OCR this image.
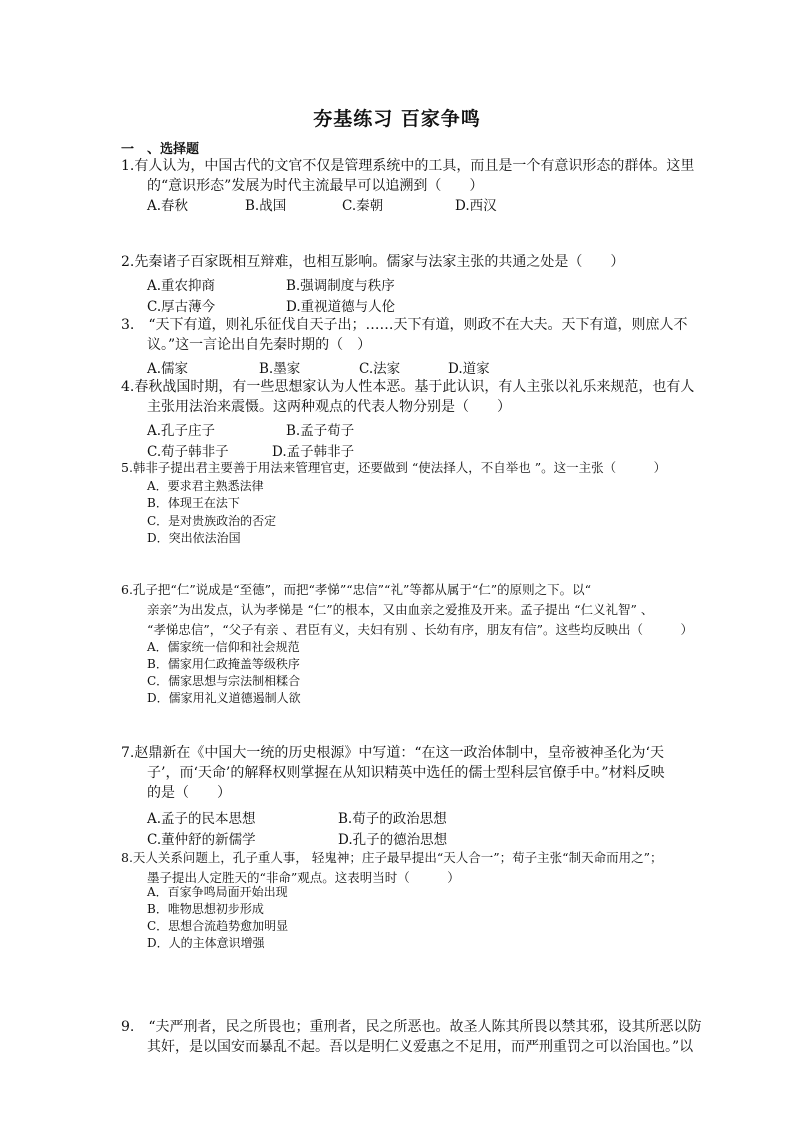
夯基练习 百家争鸣
一　、选择题
1.有人认为，中国古代的文官不仅是管理系统中的工具，而且是一个有意识形态的群体。这里
的“意识形态”发展为时代主流最早可以追溯到（　　）
A.春秋	B.战国	C.秦朝	D.西汉
2.先秦诸子百家既相互辩难，也相互影响。儒家与法家主张的共通之处是（　　）
A.重农抑商	B.强调制度与秩序
C.厚古薄今	D.重视道德与人伦
3.　“天下有道，则礼乐征伐自天子出；……天下有道，则政不在大夫。天下有道，则庶人不
议。”这一言论出自先秦时期的（　）
A.儒家	B.墨家	C.法家	D.道家
4.春秋战国时期，有一些思想家认为人性本恶。基于此认识，有人主张以礼乐来规范，也有人
主张用法治来震慑。这两种观点的代表人物分别是（　　）
A.孔子庄子	B.孟子荀子
C.荀子韩非子	D.孟子韩非子
5.韩非子提出君主要善于用法来管理官吏，还要做到 “使法择人，不自举也 ”。这一主张（　　　）
A．要求君主熟悉法律
B．体现王在法下
C．是对贵族政治的否定
D．突出依法治国
6.孔子把“仁”说成是“至德”，而把“孝悌”“忠信”“礼”等都从属于“仁”的原则之下。以“
亲亲”为出发点，认为孝悌是 “仁”的根本，又由血亲之爱推及开来。孟子提出 “仁义礼智” 、
“孝悌忠信”，“父子有亲 、君臣有义，夫妇有别 、长幼有序，朋友有信”。这些均反映出（　　　）
A．儒家统一信仰和社会规范
B．儒家用仁政掩盖等级秩序
C．儒家思想与宗法制相糅合
D．儒家用礼义道德遏制人欲
7.赵鼎新在《中国大一统的历史根源》中写道：“在这一政治体制中，皇帝被神圣化为‘天
子’，而‘天命’的解释权则掌握在从知识精英中选任的儒士型科层官僚手中。”材料反映
的是（　　）
A.孟子的民本思想	B.荀子的政治思想
C.董仲舒的新儒学	D.孔子的德治思想
8.天人关系问题上，孔子重人事， 轻鬼神；庄子最早提出“天人合一”；荀子主张“制天命而用之”；
墨子提出人定胜天的“非命”观点。这表明当时（　　　）
A．百家争鸣局面开始出现
B．唯物思想初步形成
C．思想合流趋势愈加明显
D．人的主体意识增强
9.　“夫严刑者，民之所畏也；重刑者，民之所恶也。故圣人陈其所畏以禁其邪，设其所恶以防
其奸，是以国安而暴乱不起。吾以是明仁义爱惠之不足用，而严刑重罚之可以治国也。”以
